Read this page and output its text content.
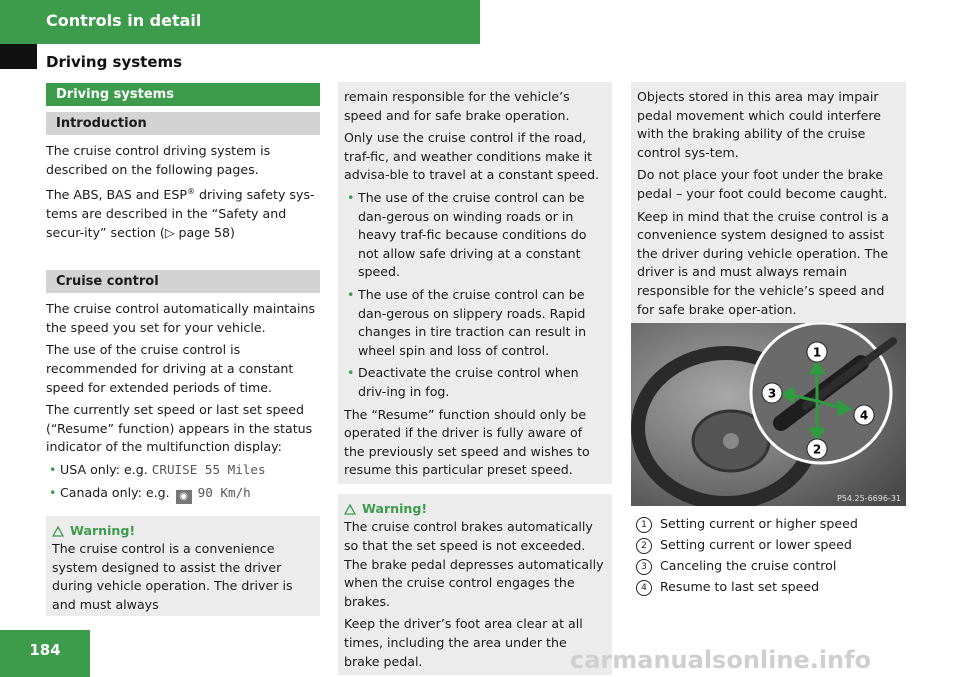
Controls in detail
Driving systems
Driving systems
Introduction

The cruise control driving system is described on the following pages.

The ABS, BAS and ESP® driving safety sys-tems are described in the “Safety and secur-ity” section (▷ page 58)

Cruise control

The cruise control automatically maintains the speed you set for your vehicle.

The use of the cruise control is recommended for driving at a constant speed for extended periods of time.

The currently set speed or last set speed (“Resume” function) appears in the status indicator of the multifunction display:

• USA only: e.g. CRUISE 55 Miles
• Canada only: e.g. ◉ 90 Km/h
Warning!
The cruise control is a convenience system designed to assist the driver during vehicle operation. The driver is and must always

remain responsible for the vehicle’s speed and for safe brake operation.

Only use the cruise control if the road, traf-fic, and weather conditions make it advisa-ble to travel at a constant speed.

• The use of the cruise control can be dan-gerous on winding roads or in heavy traf-fic because conditions do not allow safe driving at a constant speed.
• The use of the cruise control can be dan-gerous on slippery roads. Rapid changes in tire traction can result in wheel spin and loss of control.
• Deactivate the cruise control when driv-ing in fog.

The “Resume” function should only be operated if the driver is fully aware of the previously set speed and wishes to resume this particular preset speed.

Warning!

The cruise control brakes automatically so that the set speed is not exceeded. The brake pedal depresses automatically when the cruise control engages the brakes.

Keep the driver’s foot area clear at all times, including the area under the brake pedal.

Objects stored in this area may impair pedal movement which could interfere with the braking ability of the cruise control sys-tem.

Do not place your foot under the brake pedal – your foot could become caught.

Keep in mind that the cruise control is a convenience system designed to assist the driver during vehicle operation. The driver is and must always remain responsible for the vehicle’s speed and for safe brake oper-ation.

1
2
3
4
P54.25-6696-31
1 Setting current or higher speed
2 Setting current or lower speed
3 Canceling the cruise control
4 Resume to last set speed
184	carmanualsonline.info
